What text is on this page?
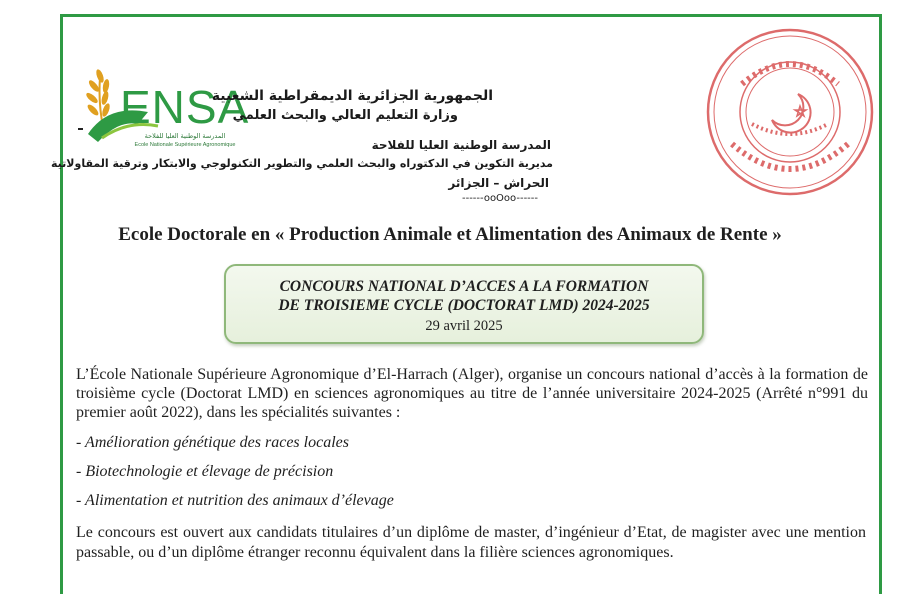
ENSA
المدرسة الوطنية العليا للفلاحة
Ecole Nationale Supérieure Agronomique
الجمهورية الجزائرية الديمقراطية الشعبية
وزارة التعليم العالي والبحث العلمي
المدرسة الوطنية العليا للفلاحة
مديرية التكوين في الدكتوراه والبحث العلمي والتطوير التكنولوجي والابتكار وترقية المقاولاتية
الحراش – الجزائر
------ooOoo------
Ecole Doctorale en « Production Animale et Alimentation des Animaux de Rente »
CONCOURS NATIONAL D’ACCES A LA FORMATION
DE TROISIEME CYCLE (DOCTORAT LMD) 2024-2025
29 avril 2025
L’École Nationale Supérieure Agronomique d’El-Harrach (Alger), organise un concours national d’accès à la formation de troisième cycle (Doctorat LMD) en sciences agronomiques au titre de l’année universitaire 2024-2025 (Arrêté n°991 du premier août 2022), dans les spécialités suivantes :
- Amélioration génétique des races locales
- Biotechnologie et élevage de précision
- Alimentation et nutrition des animaux d’élevage
Le concours est ouvert aux candidats titulaires d’un diplôme de master, d’ingénieur d’Etat, de magister avec une mention passable, ou d’un diplôme étranger reconnu équivalent dans la filière sciences agronomiques.
